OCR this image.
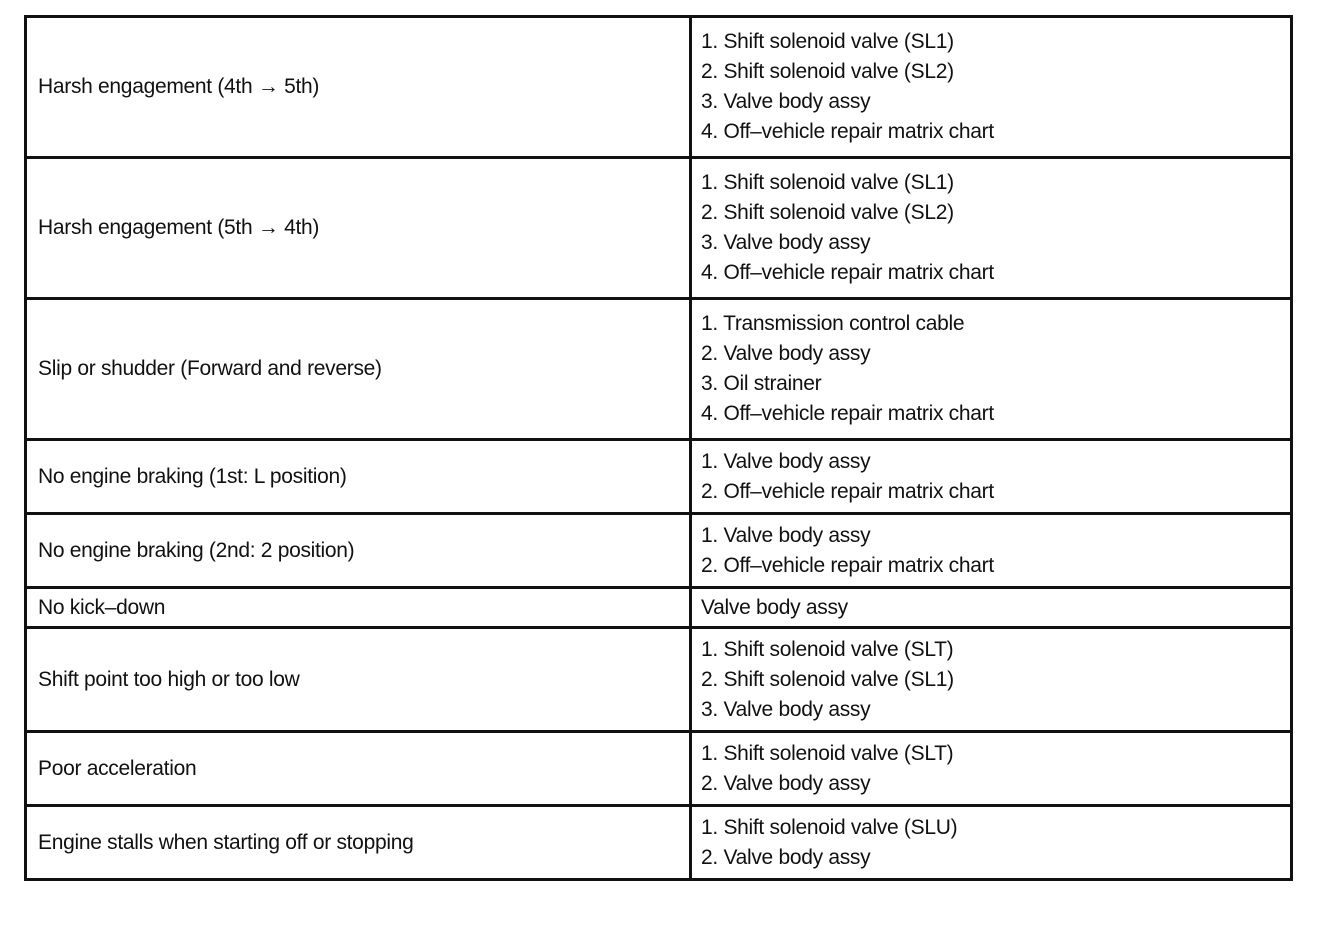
Harsh engagement (4th → 5th)	1. Shift solenoid valve (SL1)
2. Shift solenoid valve (SL2)
3. Valve body assy
4. Off–vehicle repair matrix chart

Harsh engagement (5th → 4th)	1. Shift solenoid valve (SL1)
2. Shift solenoid valve (SL2)
3. Valve body assy
4. Off–vehicle repair matrix chart

Slip or shudder (Forward and reverse)	1. Transmission control cable
2. Valve body assy
3. Oil strainer
4. Off–vehicle repair matrix chart

No engine braking (1st: L position)	1. Valve body assy
2. Off–vehicle repair matrix chart

No engine braking (2nd: 2 position)	1. Valve body assy
2. Off–vehicle repair matrix chart

No kick–down	Valve body assy

Shift point too high or too low	1. Shift solenoid valve (SLT)
2. Shift solenoid valve (SL1)
3. Valve body assy

Poor acceleration	1. Shift solenoid valve (SLT)
2. Valve body assy

Engine stalls when starting off or stopping	1. Shift solenoid valve (SLU)
2. Valve body assy
